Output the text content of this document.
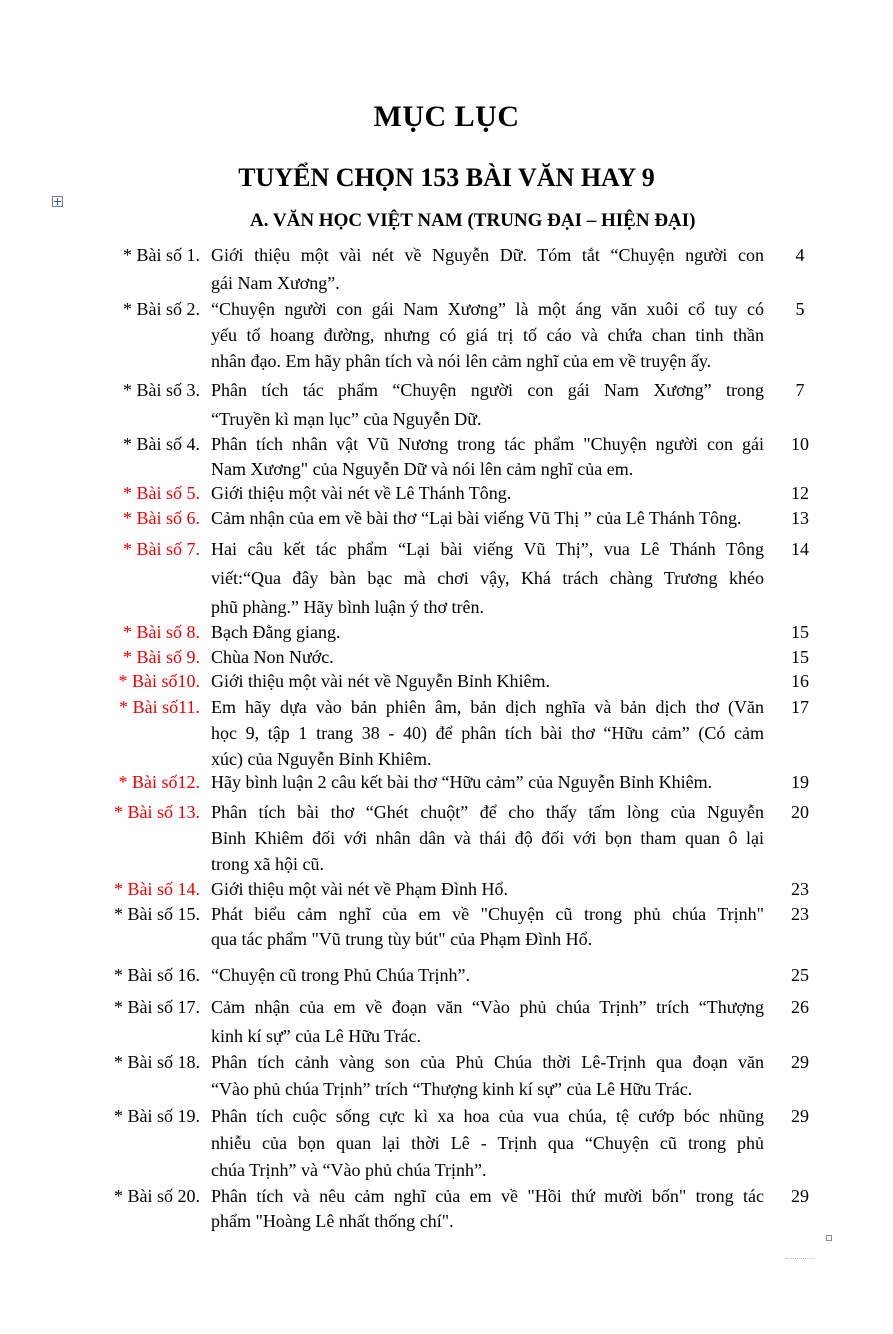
MỤC LỤC
TUYỂN CHỌN 153 BÀI VĂN HAY 9
A. VĂN HỌC VIỆT NAM (TRUNG ĐẠI – HIỆN ĐẠI)
* Bài số 1. Giới thiệu một vài nét về Nguyễn Dữ. Tóm tắt “Chuyện người con
gái Nam Xương”.
4
* Bài số 2. “Chuyện người con gái Nam Xương” là một áng văn xuôi cổ tuy có
yếu tố hoang đường, nhưng có giá trị tố cáo và chứa chan tinh thần
nhân đạo. Em hãy phân tích và nói lên cảm nghĩ của em về truyện ấy.
5
* Bài số 3. Phân tích tác phẩm “Chuyện người con gái Nam Xương” trong
“Truyền kì mạn lục” của Nguyễn Dữ.
7
* Bài số 4. Phân tích nhân vật Vũ Nương trong tác phẩm "Chuyện người con gái
Nam Xương" của Nguyễn Dữ và nói lên cảm nghĩ của em.
10
* Bài số 5. Giới thiệu một vài nét về Lê Thánh Tông.	12
* Bài số 6. Cảm nhận của em về bài thơ “Lại bài viếng Vũ Thị ” của Lê Thánh Tông.	13
* Bài số 7. Hai câu kết tác phẩm “Lại bài viếng Vũ Thị”, vua Lê Thánh Tông
viết:“Qua đây bàn bạc mà chơi vậy, Khá trách chàng Trương khéo
phũ phàng.” Hãy bình luận ý thơ trên.
14
* Bài số 8. Bạch Đằng giang.	15
* Bài số 9. Chùa Non Nước.	15
* Bài số10. Giới thiệu một vài nét về Nguyễn Bỉnh Khiêm.	16
* Bài số11. Em hãy dựa vào bản phiên âm, bản dịch nghĩa và bản dịch thơ (Văn
học 9, tập 1 trang 38 - 40) để phân tích bài thơ “Hữu cảm” (Có cảm
xúc) của Nguyễn Bỉnh Khiêm.
17
* Bài số12. Hãy bình luận 2 câu kết bài thơ “Hữu cảm” của Nguyễn Bỉnh Khiêm.	19
* Bài số 13. Phân tích bài thơ “Ghét chuột” để cho thấy tấm lòng của Nguyễn
Bỉnh Khiêm đối với nhân dân và thái độ đối với bọn tham quan ô lại
trong xã hội cũ.
20
* Bài số 14. Giới thiệu một vài nét về Phạm Đình Hổ.	23
* Bài số 15. Phát biểu cảm nghĩ của em về "Chuyện cũ trong phủ chúa Trịnh"
qua tác phẩm "Vũ trung tùy bút" của Phạm Đình Hổ.
23
* Bài số 16. “Chuyện cũ trong Phủ Chúa Trịnh”.	25
* Bài số 17. Cảm nhận của em về đoạn văn “Vào phủ chúa Trịnh” trích “Thượng
kinh kí sự” của Lê Hữu Trác.
26
* Bài số 18. Phân tích cảnh vàng son của Phủ Chúa thời Lê-Trịnh qua đoạn văn
“Vào phủ chúa Trịnh” trích “Thượng kinh kí sự” của Lê Hữu Trác.
29
* Bài số 19. Phân tích cuộc sống cực kì xa hoa của vua chúa, tệ cướp bóc nhũng
nhiễu của bọn quan lại thời Lê - Trịnh qua “Chuyện cũ trong phủ
chúa Trịnh” và “Vào phủ chúa Trịnh”.
29
* Bài số 20. Phân tích và nêu cảm nghĩ của em về "Hồi thứ mười bốn" trong tác
phẩm "Hoàng Lê nhất thống chí".
29
